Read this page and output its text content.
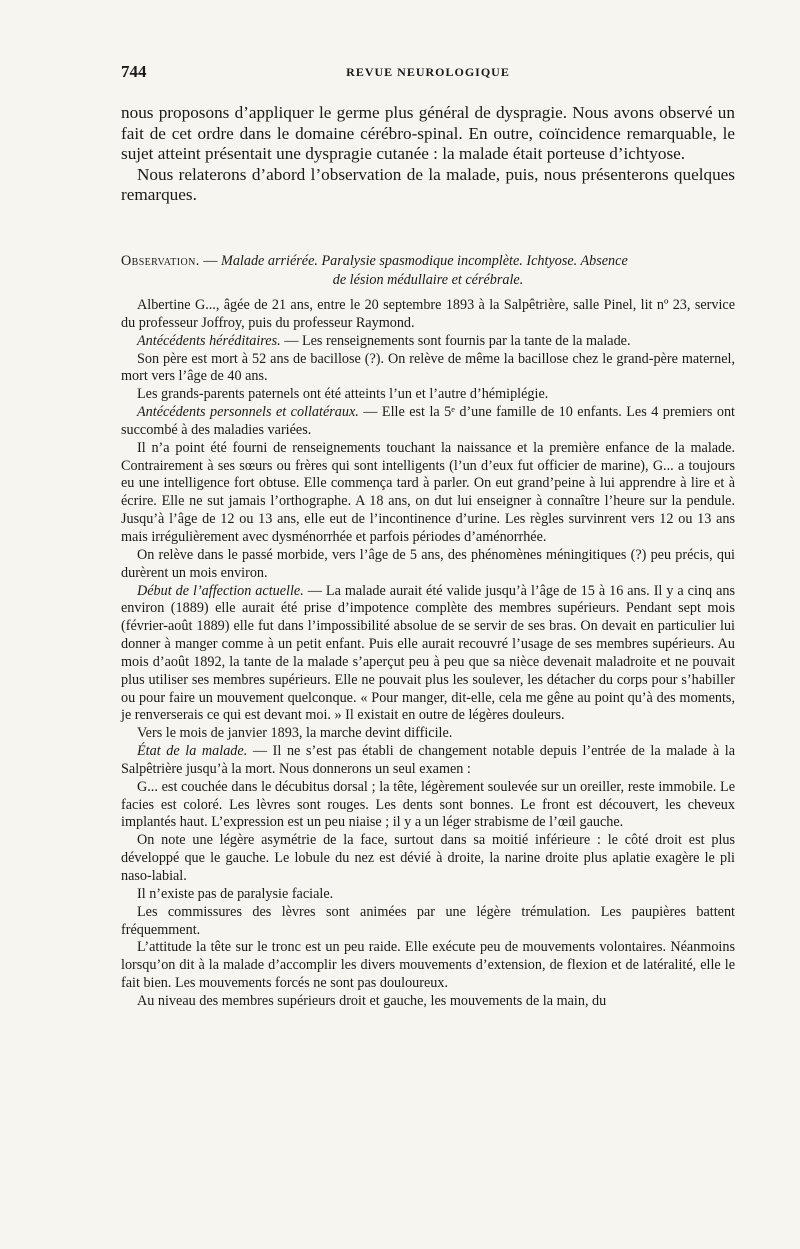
744	REVUE NEUROLOGIQUE

nous proposons d’appliquer le germe plus général de dyspragie. Nous avons observé un fait de cet ordre dans le domaine cérébro-spinal. En outre, coïncidence remarquable, le sujet atteint présentait une dyspragie cutanée : la malade était porteuse d’ichtyose.

Nous relaterons d’abord l’observation de la malade, puis, nous présenterons quelques remarques.

Observation. — Malade arriérée. Paralysie spasmodique incomplète. Ichtyose. Absence
de lésion médullaire et cérébrale.

Albertine G..., âgée de 21 ans, entre le 20 septembre 1893 à la Salpêtrière, salle Pinel, lit nº 23, service du professeur Joffroy, puis du professeur Raymond.

Antécédents héréditaires. — Les renseignements sont fournis par la tante de la malade.

Son père est mort à 52 ans de bacillose (?). On relève de même la bacillose chez le grand-père maternel, mort vers l’âge de 40 ans.

Les grands-parents paternels ont été atteints l’un et l’autre d’hémiplégie.

Antécédents personnels et collatéraux. — Elle est la 5ᵉ d’une famille de 10 enfants. Les 4 premiers ont succombé à des maladies variées.

Il n’a point été fourni de renseignements touchant la naissance et la première enfance de la malade. Contrairement à ses sœurs ou frères qui sont intelligents (l’un d’eux fut officier de marine), G... a toujours eu une intelligence fort obtuse. Elle commença tard à parler. On eut grand’peine à lui apprendre à lire et à écrire. Elle ne sut jamais l’orthographe. A 18 ans, on dut lui enseigner à connaître l’heure sur la pendule. Jusqu’à l’âge de 12 ou 13 ans, elle eut de l’incontinence d’urine. Les règles survinrent vers 12 ou 13 ans mais irrégulièrement avec dysménorrhée et parfois périodes d’aménorrhée.

On relève dans le passé morbide, vers l’âge de 5 ans, des phénomènes méningitiques (?) peu précis, qui durèrent un mois environ.

Début de l’affection actuelle. — La malade aurait été valide jusqu’à l’âge de 15 à 16 ans. Il y a cinq ans environ (1889) elle aurait été prise d’impotence complète des membres supérieurs. Pendant sept mois (février-août 1889) elle fut dans l’impossibilité absolue de se servir de ses bras. On devait en particulier lui donner à manger comme à un petit enfant. Puis elle aurait recouvré l’usage de ses membres supérieurs. Au mois d’août 1892, la tante de la malade s’aperçut peu à peu que sa nièce devenait maladroite et ne pouvait plus utiliser ses membres supérieurs. Elle ne pouvait plus les soulever, les détacher du corps pour s’habiller ou pour faire un mouvement quelconque. « Pour manger, dit-elle, cela me gêne au point qu’à des moments, je renverserais ce qui est devant moi. » Il existait en outre de légères douleurs.

Vers le mois de janvier 1893, la marche devint difficile.

État de la malade. — Il ne s’est pas établi de changement notable depuis l’entrée de la malade à la Salpêtrière jusqu’à la mort. Nous donnerons un seul examen :

G... est couchée dans le décubitus dorsal ; la tête, légèrement soulevée sur un oreiller, reste immobile. Le facies est coloré. Les lèvres sont rouges. Les dents sont bonnes. Le front est découvert, les cheveux implantés haut. L’expression est un peu niaise ; il y a un léger strabisme de l’œil gauche.

On note une légère asymétrie de la face, surtout dans sa moitié inférieure : le côté droit est plus développé que le gauche. Le lobule du nez est dévié à droite, la narine droite plus aplatie exagère le pli naso-labial.

Il n’existe pas de paralysie faciale.

Les commissures des lèvres sont animées par une légère trémulation. Les paupières battent fréquemment.

L’attitude la tête sur le tronc est un peu raide. Elle exécute peu de mouvements volontaires. Néanmoins lorsqu’on dit à la malade d’accomplir les divers mouvements d’extension, de flexion et de latéralité, elle le fait bien. Les mouvements forcés ne sont pas douloureux.

Au niveau des membres supérieurs droit et gauche, les mouvements de la main, du
